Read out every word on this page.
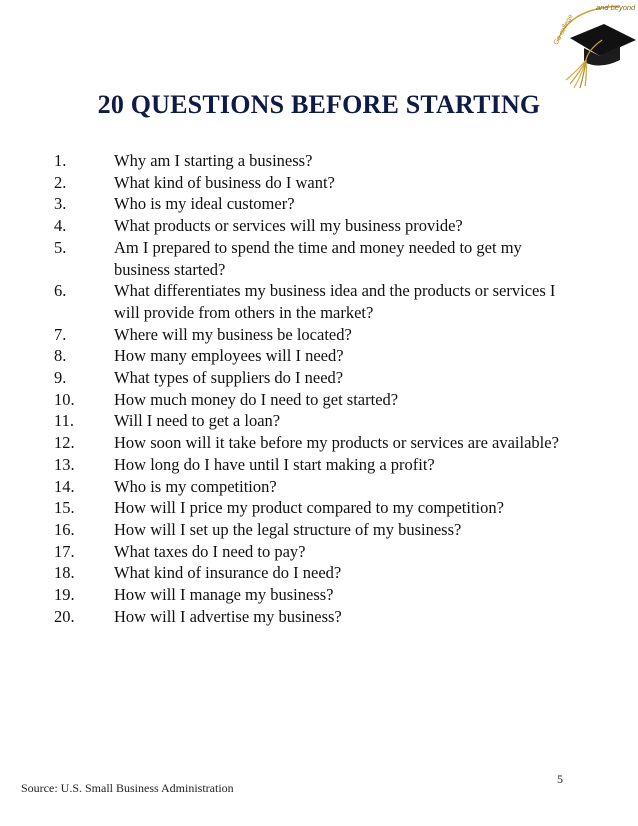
Go college
and beyond
20 QUESTIONS BEFORE STARTING
1.	Why am I starting a business?
2.	What kind of business do I want?
3.	Who is my ideal customer?
4.	What products or services will my business provide?
5.	Am I prepared to spend the time and money needed to get my business started?
6.	What differentiates my business idea and the products or services I will provide from others in the market?
7.	Where will my business be located?
8.	How many employees will I need?
9.	What types of suppliers do I need?
10. How much money do I need to get started?
11. Will I need to get a loan?
12. How soon will it take before my products or services are available?
13. How long do I have until I start making a profit?
14. Who is my competition?
15. How will I price my product compared to my competition?
16. How will I set up the legal structure of my business?
17. What taxes do I need to pay?
18. What kind of insurance do I need?
19. How will I manage my business?
20. How will I advertise my business?
Source: U.S. Small Business Administration
5
